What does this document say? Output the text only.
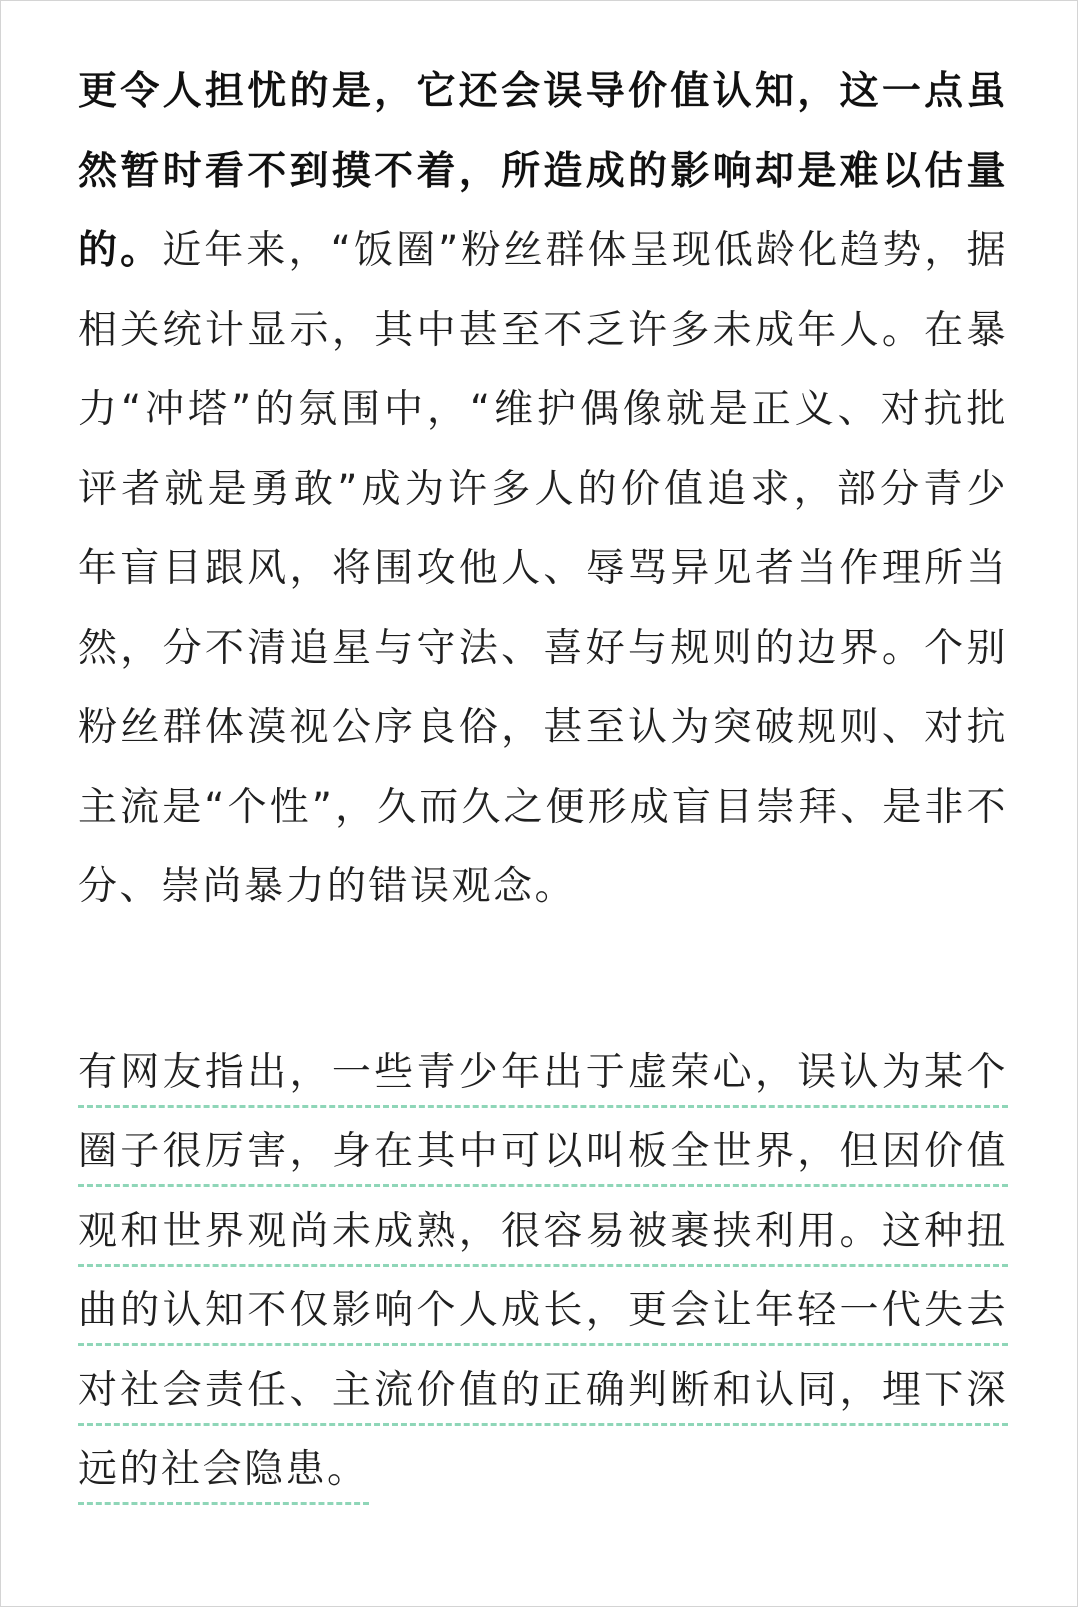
更令人担忧的是，它还会误导价值认知，这一点虽然暂时看不到摸不着，所造成的影响却是难以估量的。近年来，“饭圈”粉丝群体呈现低龄化趋势，据相关统计显示，其中甚至不乏许多未成年人。在暴力“冲塔”的氛围中，“维护偶像就是正义、对抗批评者就是勇敢”成为许多人的价值追求，部分青少年盲目跟风，将围攻他人、辱骂异见者当作理所当然，分不清追星与守法、喜好与规则的边界。个别粉丝群体漠视公序良俗，甚至认为突破规则、对抗主流是“个性”，久而久之便形成盲目崇拜、是非不分、崇尚暴力的错误观念。

有网友指出，一些青少年出于虚荣心，误认为某个圈子很厉害，身在其中可以叫板全世界，但因价值观和世界观尚未成熟，很容易被裹挟利用。这种扭曲的认知不仅影响个人成长，更会让年轻一代失去对社会责任、主流价值的正确判断和认同，埋下深远的社会隐患。
